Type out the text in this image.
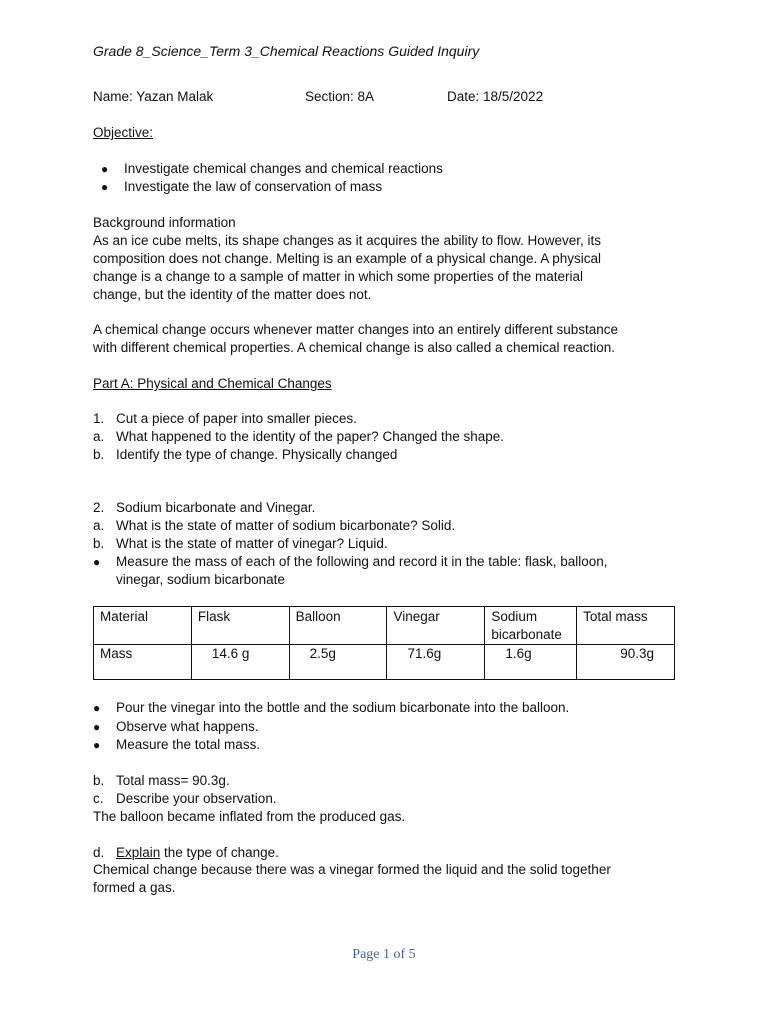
Grade 8_Science_Term 3_Chemical Reactions Guided Inquiry
Name: Yazan Malak	Section: 8A	Date: 18/5/2022
Objective:
● Investigate chemical changes and chemical reactions
● Investigate the law of conservation of mass
Background information
As an ice cube melts, its shape changes as it acquires the ability to flow. However, its
composition does not change. Melting is an example of a physical change. A physical
change is a change to a sample of matter in which some properties of the material
change, but the identity of the matter does not.
A chemical change occurs whenever matter changes into an entirely different substance
with different chemical properties. A chemical change is also called a chemical reaction.
Part A: Physical and Chemical Changes
1. Cut a piece of paper into smaller pieces.
a. What happened to the identity of the paper? Changed the shape.
b. Identify the type of change. Physically changed
2. Sodium bicarbonate and Vinegar.
a. What is the state of matter of sodium bicarbonate? Solid.
b. What is the state of matter of vinegar? Liquid.
● Measure the mass of each of the following and record it in the table: flask, balloon,
vinegar, sodium bicarbonate
Material	Flask	Balloon	Vinegar	Sodium bicarbonate	Total mass
Mass	14.6 g	2.5g	71.6g	1.6g	90.3g
● Pour the vinegar into the bottle and the sodium bicarbonate into the balloon.
● Observe what happens.
● Measure the total mass.
b. Total mass= 90.3g.
c. Describe your observation.
The balloon became inflated from the produced gas.
d. Explain the type of change.
Chemical change because there was a vinegar formed the liquid and the solid together
formed a gas.
Page 1 of 5
